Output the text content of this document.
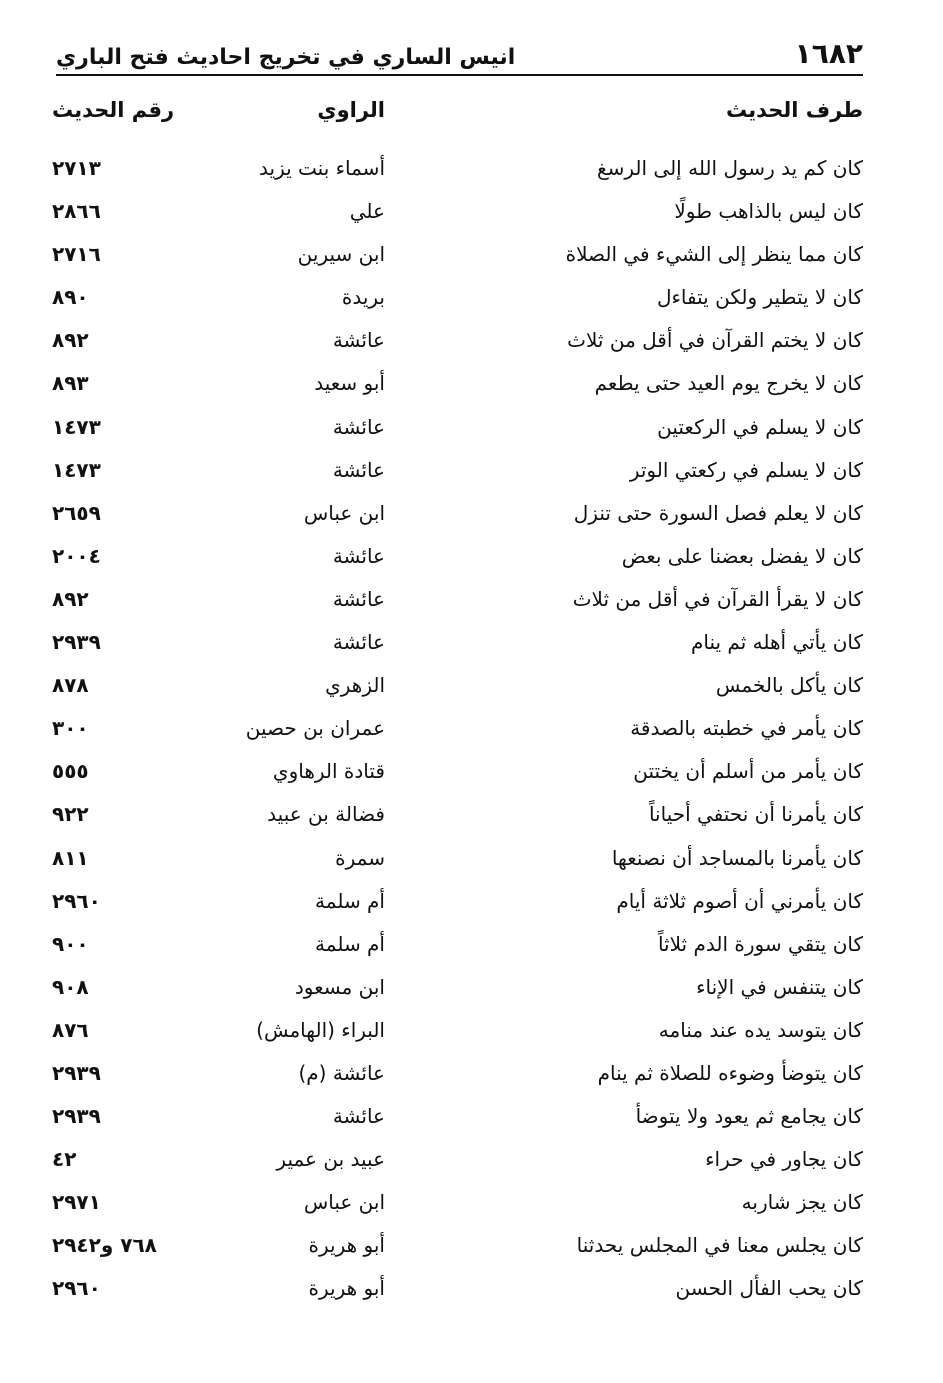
١٦٨٢
انيس الساري في تخريج احاديث فتح الباري
طرف الحديث
الراوي
رقم الحديث
كان كم يد رسول الله إلى الرسغ
أسماء بنت يزيد
٢٧١٣
كان ليس بالذاهب طولًا
علي
٢٨٦٦
كان مما ينظر إلى الشيء في الصلاة
ابن سيرين
٢٧١٦
كان لا يتطير ولكن يتفاءل
بريدة
٨٩٠
كان لا يختم القرآن في أقل من ثلاث
عائشة
٨٩٢
كان لا يخرج يوم العيد حتى يطعم
أبو سعيد
٨٩٣
كان لا يسلم في الركعتين
عائشة
١٤٧٣
كان لا يسلم في ركعتي الوتر
عائشة
١٤٧٣
كان لا يعلم فصل السورة حتى تنزل
ابن عباس
٢٦٥٩
كان لا يفضل بعضنا على بعض
عائشة
٢٠٠٤
كان لا يقرأ القرآن في أقل من ثلاث
عائشة
٨٩٢
كان يأتي أهله ثم ينام
عائشة
٢٩٣٩
كان يأكل بالخمس
الزهري
٨٧٨
كان يأمر في خطبته بالصدقة
عمران بن حصين
٣٠٠
كان يأمر من أسلم أن يختتن
قتادة الرهاوي
٥٥٥
كان يأمرنا أن نحتفي أحياناً
فضالة بن عبيد
٩٢٢
كان يأمرنا بالمساجد أن نصنعها
سمرة
٨١١
كان يأمرني أن أصوم ثلاثة أيام
أم سلمة
٢٩٦٠
كان يتقي سورة الدم ثلاثاً
أم سلمة
٩٠٠
كان يتنفس في الإناء
ابن مسعود
٩٠٨
كان يتوسد يده عند منامه
البراء (الهامش)
٨٧٦
كان يتوضأ وضوءه للصلاة ثم ينام
عائشة (م)
٢٩٣٩
كان يجامع ثم يعود ولا يتوضأ
عائشة
٢٩٣٩
كان يجاور في حراء
عبيد بن عمير
٤٢
كان يجز شاربه
ابن عباس
٢٩٧١
كان يجلس معنا في المجلس يحدثنا
أبو هريرة
٧٦٨ و٢٩٤٢
كان يحب الفأل الحسن
أبو هريرة
٢٩٦٠
